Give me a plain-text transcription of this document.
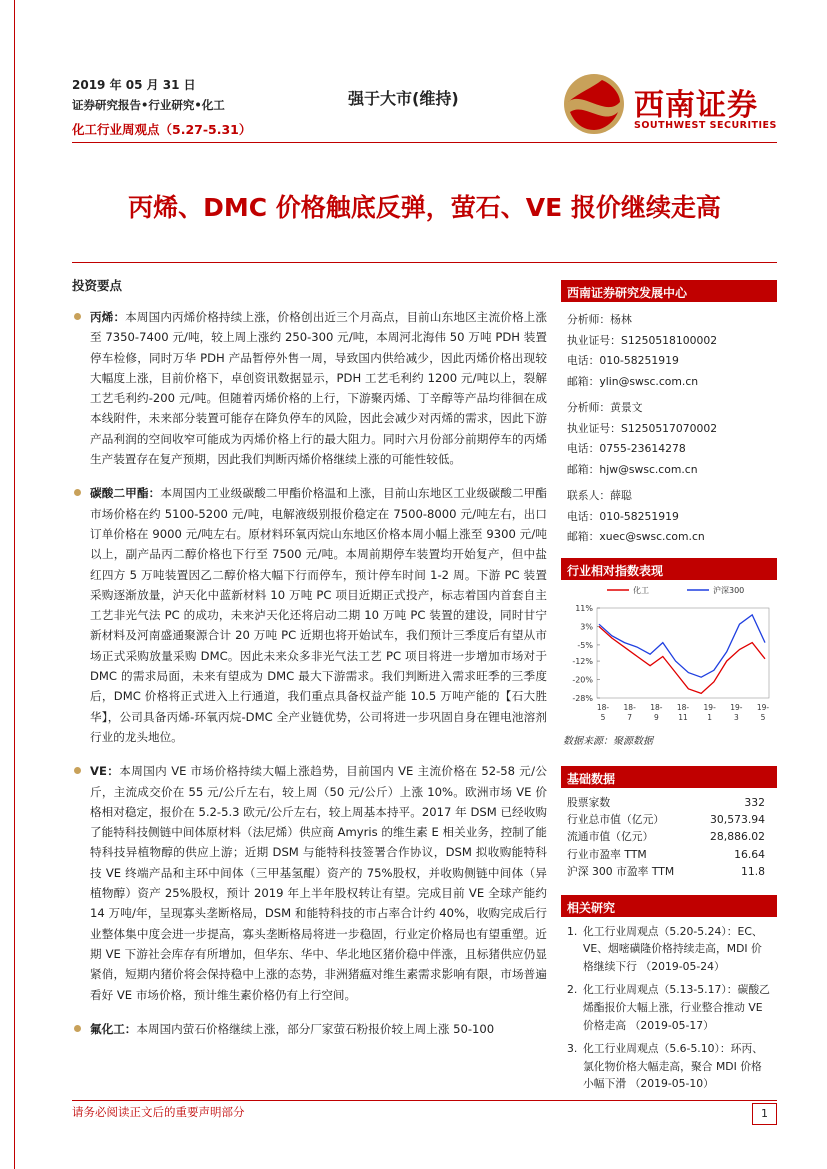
2019 年 05 月 31 日
证券研究报告•行业研究•化工
化工行业周观点（5.27-5.31）
强于大市(维持)	西南证券
SOUTHWEST SECURITIES
丙烯、DMC 价格触底反弹，萤石、VE 报价继续走高
投资要点
丙烯：本周国内丙烯价格持续上涨，价格创出近三个月高点，目前山东地区主流价格上涨至 7350-7400 元/吨，较上周上涨约 250-300 元/吨，本周河北海伟 50 万吨 PDH 装置停车检修，同时万华 PDH 产品暂停外售一周，导致国内供给减少，因此丙烯价格出现较大幅度上涨，目前价格下，卓创资讯数据显示，PDH 工艺毛利约 1200 元/吨以上，裂解工艺毛利约-200 元/吨。但随着丙烯价格的上行，下游聚丙烯、丁辛醇等产品均徘徊在成本线附件，未来部分装置可能存在降负停车的风险，因此会减少对丙烯的需求，因此下游产品利润的空间收窄可能成为丙烯价格上行的最大阻力。同时六月份部分前期停车的丙烯生产装置存在复产预期，因此我们判断丙烯价格继续上涨的可能性较低。
碳酸二甲酯：本周国内工业级碳酸二甲酯价格温和上涨，目前山东地区工业级碳酸二甲酯市场价格在约 5100-5200 元/吨，电解液级别报价稳定在 7500-8000 元/吨左右，出口订单价格在 9000 元/吨左右。原材料环氧丙烷山东地区价格本周小幅上涨至 9300 元/吨以上，副产品丙二醇价格也下行至 7500 元/吨。本周前期停车装置均开始复产，但中盐红四方 5 万吨装置因乙二醇价格大幅下行而停车，预计停车时间 1-2 周。下游 PC 装置采购逐渐放量，泸天化中蓝新材料 10 万吨 PC 项目近期正式投产，标志着国内首套自主工艺非光气法 PC 的成功，未来泸天化还将启动二期 10 万吨 PC 装置的建设，同时甘宁新材料及河南盛通聚源合计 20 万吨 PC 近期也将开始试车，我们预计三季度后有望从市场正式采购放量采购 DMC。因此未来众多非光气法工艺 PC 项目将进一步增加市场对于 DMC 的需求局面，未来有望成为 DMC 最大下游需求。我们判断进入需求旺季的三季度后，DMC 价格将正式进入上行通道，我们重点具备权益产能 10.5 万吨产能的【石大胜华】，公司具备丙烯-环氧丙烷-DMC 全产业链优势，公司将进一步巩固自身在锂电池溶剂行业的龙头地位。
VE：本周国内 VE 市场价格持续大幅上涨趋势，目前国内 VE 主流价格在 52-58 元/公斤，主流成交价在 55 元/公斤左右，较上周（50 元/公斤）上涨 10%。欧洲市场 VE 价格相对稳定，报价在 5.2-5.3 欧元/公斤左右，较上周基本持平。2017 年 DSM 已经收购了能特科技侧链中间体原材料（法尼烯）供应商 Amyris 的维生素 E 相关业务，控制了能特科技异植物醇的供应上游；近期 DSM 与能特科技签署合作协议，DSM 拟收购能特科技 VE 终端产品和主环中间体（三甲基氢醌）资产的 75%股权，并收购侧链中间体（异植物醇）资产 25%股权，预计 2019 年上半年股权转让有望。完成目前 VE 全球产能约 14 万吨/年，呈现寡头垄断格局，DSM 和能特科技的市占率合计约 40%，收购完成后行业整体集中度会进一步提高，寡头垄断格局将进一步稳固，行业定价格局也有望重塑。近期 VE 下游社会库存有所增加，但华东、华中、华北地区猪价稳中伴涨，且标猪供应仍显紧俏，短期内猪价将会保持稳中上涨的态势，非洲猪瘟对维生素需求影响有限，市场普遍看好 VE 市场价格，预计维生素价格仍有上行空间。
氟化工：本周国内萤石价格继续上涨，部分厂家萤石粉报价较上周上涨 50-100
西南证券研究发展中心
分析师：杨林
执业证号：S1250518100002
电话：010-58251919
邮箱：ylin@swsc.com.cn
分析师：黄景文
执业证号：S1250517070002
电话：0755-23614278
邮箱：hjw@swsc.com.cn
联系人：薛聪
电话：010-58251919
邮箱：xuec@swsc.com.cn
行业相对指数表现
11%
3%
-5%
-12%
-20%
-28%
18-
5
18-
7
18-
9
18-
11
19-
1
19-
3
19-
5
化工	沪深300
数据来源：聚源数据
基础数据
股票家数	332
行业总市值（亿元）	30,573.94
流通市值（亿元）	28,886.02
行业市盈率 TTM	16.64
沪深 300 市盈率 TTM	11.8
相关研究
1. 化工行业周观点（5.20-5.24）：EC、VE、烟嘧磺隆价格持续走高，MDI 价格继续下行 （2019-05-24）
2. 化工行业周观点（5.13-5.17）：碳酸乙烯酯报价大幅上涨，行业整合推动 VE 价格走高 （2019-05-17）
3. 化工行业周观点（5.6-5.10）：环丙、氯化物价格大幅走高，聚合 MDI 价格小幅下滑 （2019-05-10）
请务必阅读正文后的重要声明部分	1
